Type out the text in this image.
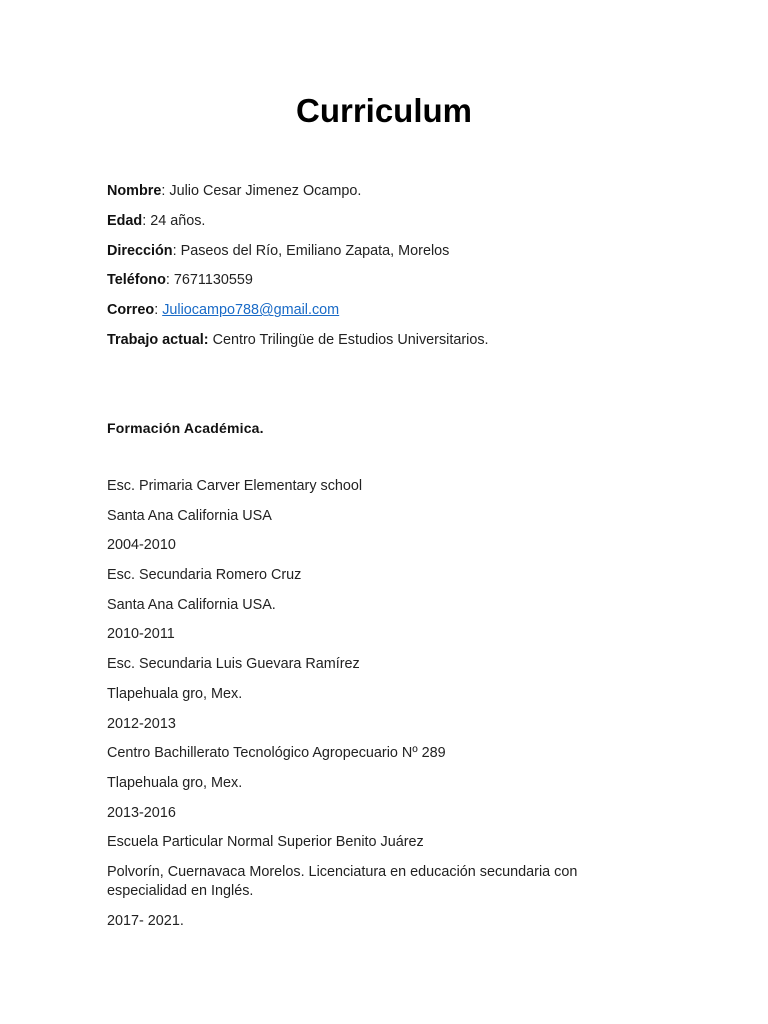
Curriculum
Nombre: Julio Cesar Jimenez Ocampo.
Edad: 24 años.
Dirección: Paseos del Río, Emiliano Zapata, Morelos
Teléfono: 7671130559
Correo: Juliocampo788@gmail.com
Trabajo actual: Centro Trilingüe de Estudios Universitarios.
Formación Académica.
Esc. Primaria Carver Elementary school
Santa Ana California USA
2004-2010
Esc. Secundaria Romero Cruz
Santa Ana California USA.
2010-2011
Esc. Secundaria Luis Guevara Ramírez
Tlapehuala gro, Mex.
2012-2013
Centro Bachillerato Tecnológico Agropecuario Nº 289
Tlapehuala gro, Mex.
2013-2016
Escuela Particular Normal Superior Benito Juárez
Polvorín, Cuernavaca Morelos. Licenciatura en educación secundaria con especialidad en Inglés.
2017- 2021.
